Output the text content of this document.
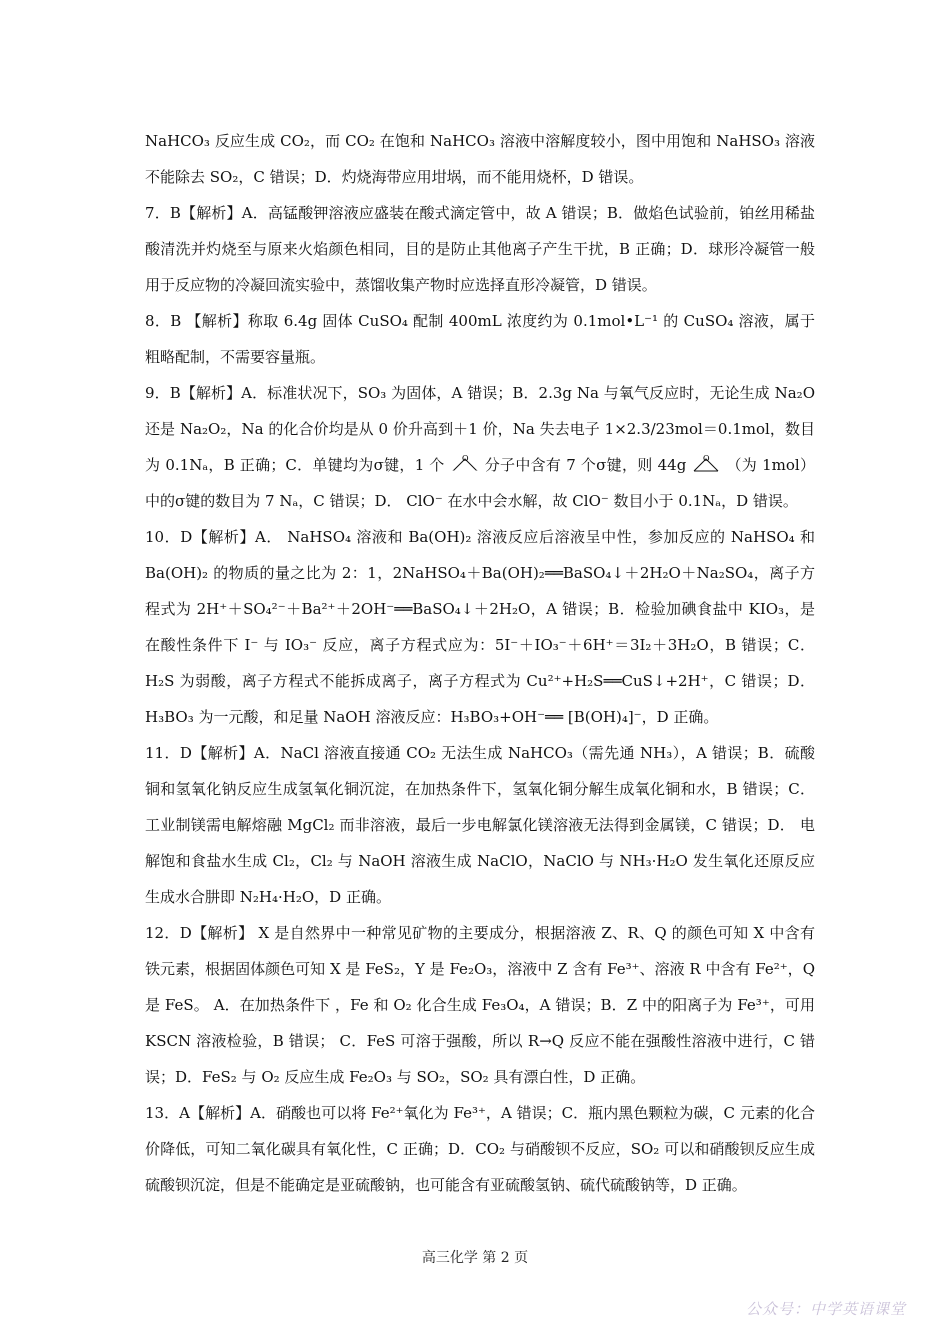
NaHCO₃ 反应生成 CO₂，而 CO₂ 在饱和 NaHCO₃ 溶液中溶解度较小，图中用饱和 NaHSO₃ 溶液不能除去 SO₂，C 错误；D．灼烧海带应用坩埚，而不能用烧杯，D 错误。

7．B【解析】A．高锰酸钾溶液应盛装在酸式滴定管中，故 A 错误；B．做焰色试验前，铂丝用稀盐酸清洗并灼烧至与原来火焰颜色相同，目的是防止其他离子产生干扰，B 正确；D．球形冷凝管一般用于反应物的冷凝回流实验中，蒸馏收集产物时应选择直形冷凝管，D 错误。

8．B 【解析】称取 6.4g 固体 CuSO₄ 配制 400mL 浓度约为 0.1mol•L⁻¹ 的 CuSO₄ 溶液，属于粗略配制，不需要容量瓶。

9．B【解析】A．标准状况下，SO₃ 为固体，A 错误；B．2.3g Na 与氧气反应时，无论生成 Na₂O 还是 Na₂O₂，Na 的化合价均是从 0 价升高到＋1 价，Na 失去电子 1×2.3/23mol＝0.1mol，数目为 0.1Nₐ，B 正确；C．单键均为σ键，1 个 O 分子中含有 7 个σ键，则 44g O （为 1mol）中的σ键的数目为 7 Nₐ，C 错误；D． ClO⁻ 在水中会水解，故 ClO⁻ 数目小于 0.1Nₐ，D 错误。

10．D【解析】A． NaHSO₄ 溶液和 Ba(OH)₂ 溶液反应后溶液呈中性，参加反应的 NaHSO₄ 和 Ba(OH)₂ 的物质的量之比为 2：1，2NaHSO₄＋Ba(OH)₂══BaSO₄↓＋2H₂O＋Na₂SO₄，离子方程式为 2H⁺＋SO₄²⁻＋Ba²⁺＋2OH⁻══BaSO₄↓＋2H₂O，A 错误；B．检验加碘食盐中 KIO₃，是在酸性条件下 I⁻ 与 IO₃⁻ 反应，离子方程式应为：5I⁻＋IO₃⁻＋6H⁺＝3I₂＋3H₂O，B 错误；C．H₂S 为弱酸，离子方程式不能拆成离子，离子方程式为 Cu²⁺+H₂S══CuS↓+2H⁺，C 错误；D．H₃BO₃ 为一元酸，和足量 NaOH 溶液反应：H₃BO₃+OH⁻══ [B(OH)₄]⁻，D 正确。

11．D【解析】A．NaCl 溶液直接通 CO₂ 无法生成 NaHCO₃（需先通 NH₃），A 错误；B．硫酸铜和氢氧化钠反应生成氢氧化铜沉淀，在加热条件下，氢氧化铜分解生成氧化铜和水，B 错误；C．工业制镁需电解熔融 MgCl₂ 而非溶液，最后一步电解氯化镁溶液无法得到金属镁，C 错误；D． 电解饱和食盐水生成 Cl₂，Cl₂ 与 NaOH 溶液生成 NaClO，NaClO 与 NH₃·H₂O 发生氧化还原反应生成水合肼即 N₂H₄·H₂O，D 正确。

12．D【解析】 X 是自然界中一种常见矿物的主要成分，根据溶液 Z、R、Q 的颜色可知 X 中含有铁元素，根据固体颜色可知 X 是 FeS₂，Y 是 Fe₂O₃，溶液中 Z 含有 Fe³⁺、溶液 R 中含有 Fe²⁺，Q 是 FeS。 A．在加热条件下 ，Fe 和 O₂ 化合生成 Fe₃O₄，A 错误；B．Z 中的阳离子为 Fe³⁺，可用 KSCN 溶液检验，B 错误； C．FeS 可溶于强酸，所以 R→Q 反应不能在强酸性溶液中进行，C 错误；D．FeS₂ 与 O₂ 反应生成 Fe₂O₃ 与 SO₂，SO₂ 具有漂白性，D 正确。

13．A【解析】A．硝酸也可以将 Fe²⁺氧化为 Fe³⁺，A 错误；C．瓶内黑色颗粒为碳，C 元素的化合价降低，可知二氧化碳具有氧化性，C 正确；D．CO₂ 与硝酸钡不反应，SO₂ 可以和硝酸钡反应生成硫酸钡沉淀，但是不能确定是亚硫酸钠，也可能含有亚硫酸氢钠、硫代硫酸钠等，D 正确。

高三化学 第 2 页
公众号：中学英语课堂
